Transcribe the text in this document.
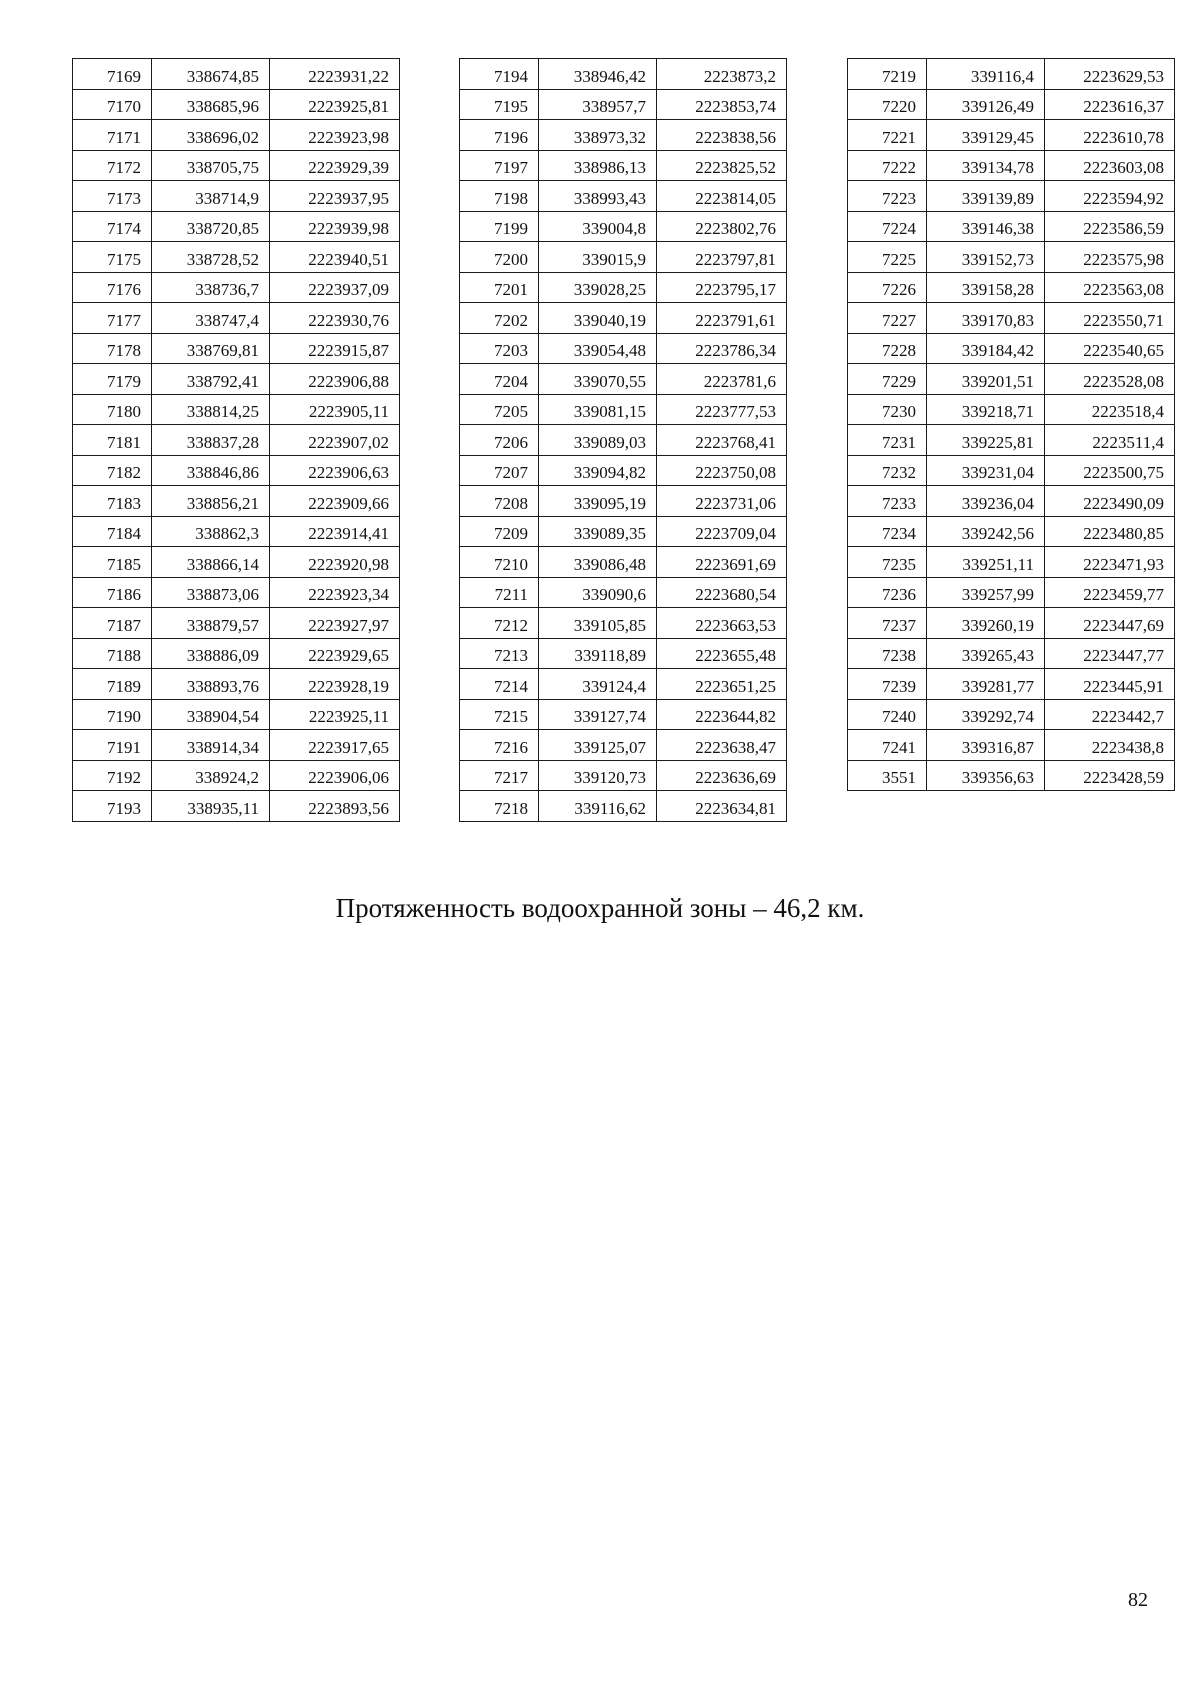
7169	338674,85	2223931,22
7170	338685,96	2223925,81
7171	338696,02	2223923,98
7172	338705,75	2223929,39
7173	338714,9	2223937,95
7174	338720,85	2223939,98
7175	338728,52	2223940,51
7176	338736,7	2223937,09
7177	338747,4	2223930,76
7178	338769,81	2223915,87
7179	338792,41	2223906,88
7180	338814,25	2223905,11
7181	338837,28	2223907,02
7182	338846,86	2223906,63
7183	338856,21	2223909,66
7184	338862,3	2223914,41
7185	338866,14	2223920,98
7186	338873,06	2223923,34
7187	338879,57	2223927,97
7188	338886,09	2223929,65
7189	338893,76	2223928,19
7190	338904,54	2223925,11
7191	338914,34	2223917,65
7192	338924,2	2223906,06
7193	338935,11	2223893,56
7194	338946,42	2223873,2
7195	338957,7	2223853,74
7196	338973,32	2223838,56
7197	338986,13	2223825,52
7198	338993,43	2223814,05
7199	339004,8	2223802,76
7200	339015,9	2223797,81
7201	339028,25	2223795,17
7202	339040,19	2223791,61
7203	339054,48	2223786,34
7204	339070,55	2223781,6
7205	339081,15	2223777,53
7206	339089,03	2223768,41
7207	339094,82	2223750,08
7208	339095,19	2223731,06
7209	339089,35	2223709,04
7210	339086,48	2223691,69
7211	339090,6	2223680,54
7212	339105,85	2223663,53
7213	339118,89	2223655,48
7214	339124,4	2223651,25
7215	339127,74	2223644,82
7216	339125,07	2223638,47
7217	339120,73	2223636,69
7218	339116,62	2223634,81
7219	339116,4	2223629,53
7220	339126,49	2223616,37
7221	339129,45	2223610,78
7222	339134,78	2223603,08
7223	339139,89	2223594,92
7224	339146,38	2223586,59
7225	339152,73	2223575,98
7226	339158,28	2223563,08
7227	339170,83	2223550,71
7228	339184,42	2223540,65
7229	339201,51	2223528,08
7230	339218,71	2223518,4
7231	339225,81	2223511,4
7232	339231,04	2223500,75
7233	339236,04	2223490,09
7234	339242,56	2223480,85
7235	339251,11	2223471,93
7236	339257,99	2223459,77
7237	339260,19	2223447,69
7238	339265,43	2223447,77
7239	339281,77	2223445,91
7240	339292,74	2223442,7
7241	339316,87	2223438,8
3551	339356,63	2223428,59
Протяженность водоохранной зоны – 46,2 км.
82
